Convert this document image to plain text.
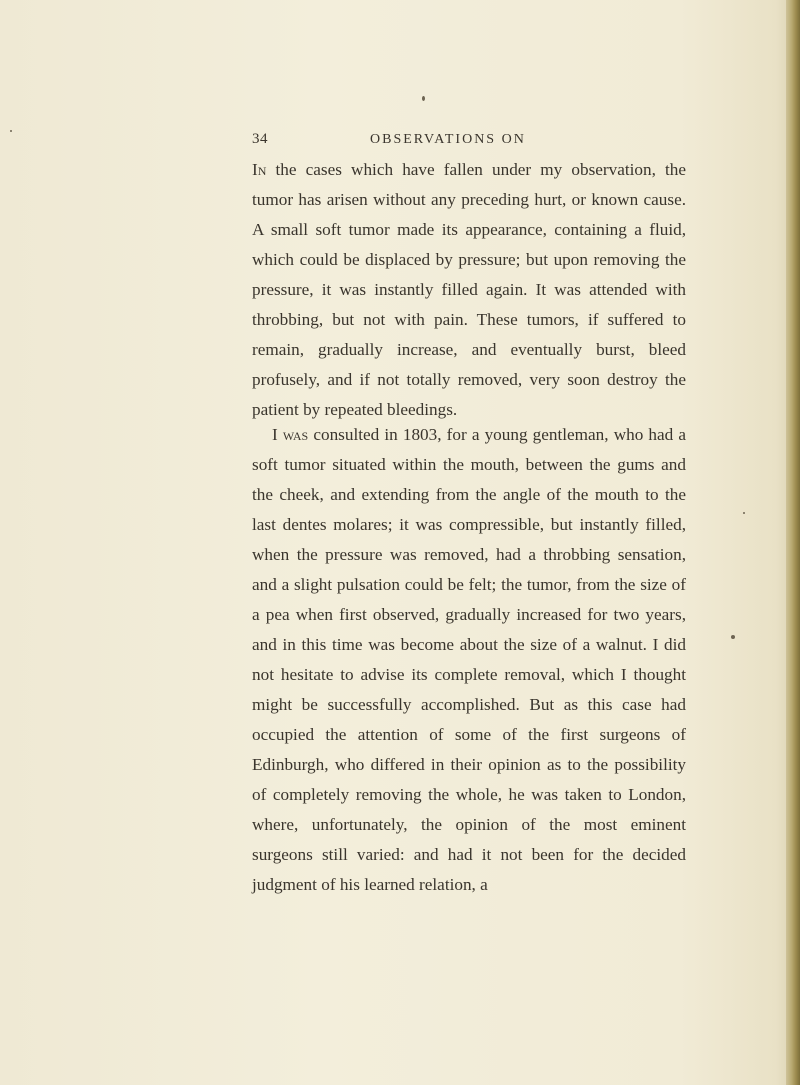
34	OBSERVATIONS ON

In the cases which have fallen under my observation, the tumor has arisen without any preceding hurt, or known cause. A small soft tumor made its appearance, containing a fluid, which could be displaced by pressure; but upon removing the pressure, it was instantly filled again. It was attended with throbbing, but not with pain. These tumors, if suffered to remain, gradually increase, and eventually burst, bleed profusely, and if not totally removed, very soon destroy the patient by repeated bleedings.

I was consulted in 1803, for a young gentleman, who had a soft tumor situated within the mouth, between the gums and the cheek, and extending from the angle of the mouth to the last dentes molares; it was compressible, but instantly filled, when the pressure was removed, had a throbbing sensation, and a slight pulsation could be felt; the tumor, from the size of a pea when first observed, gradually increased for two years, and in this time was become about the size of a walnut. I did not hesitate to advise its complete removal, which I thought might be successfully accomplished. But as this case had occupied the attention of some of the first surgeons of Edinburgh, who differed in their opinion as to the possibility of completely removing the whole, he was taken to London, where, unfortunately, the opinion of the most eminent surgeons still varied: and had it not been for the decided judgment of his learned relation, a
